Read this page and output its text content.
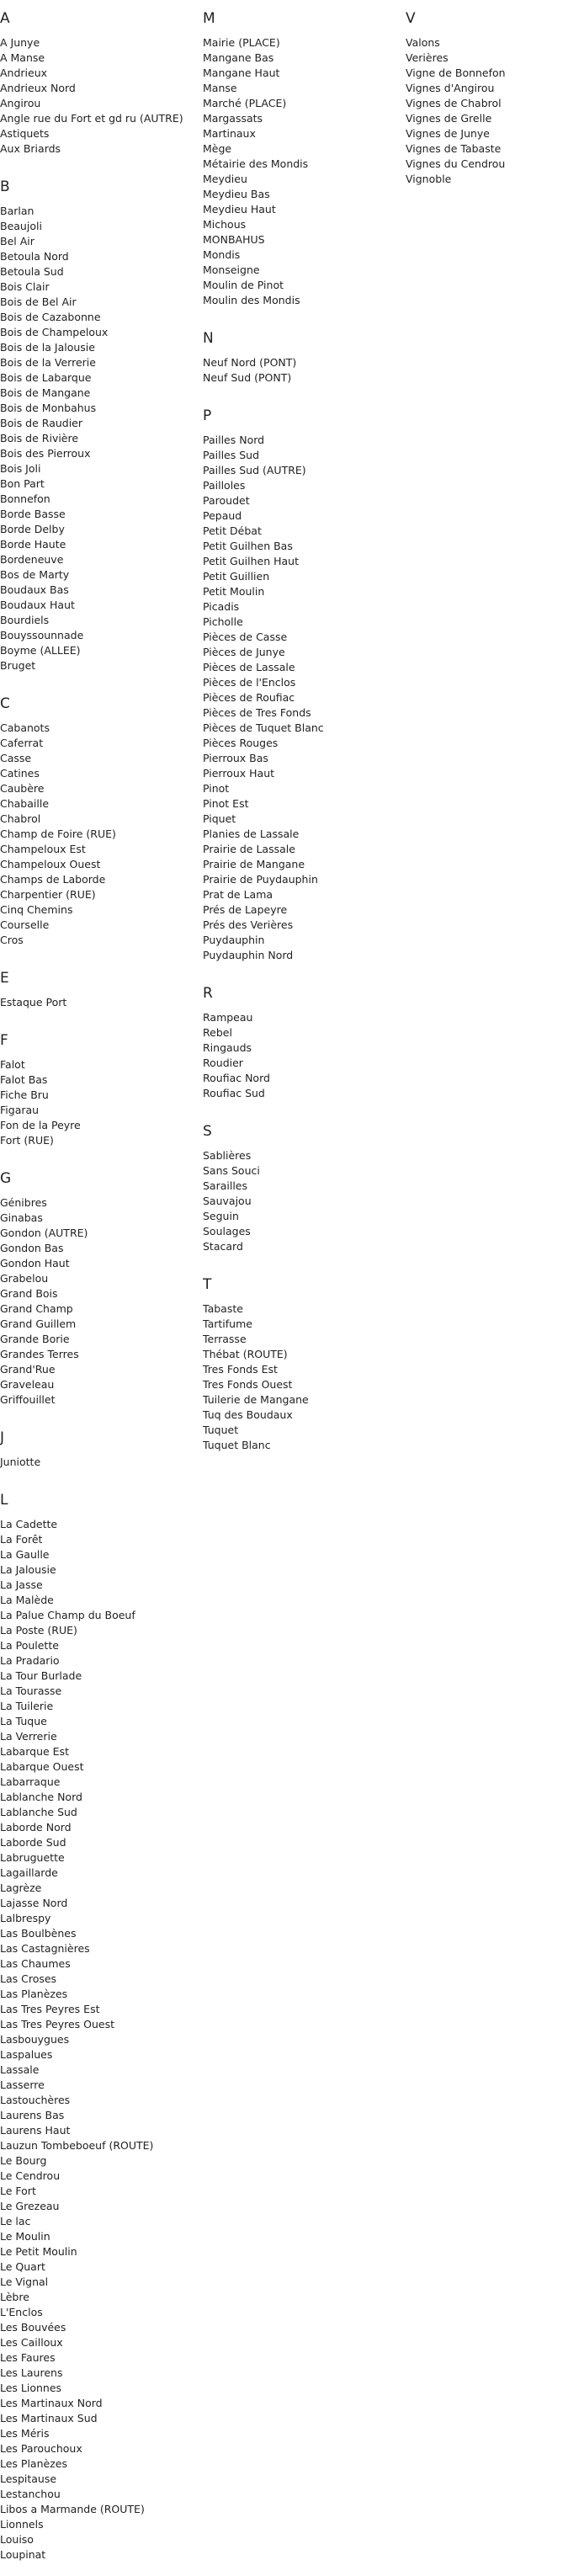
A
A Junye
A Manse
Andrieux
Andrieux Nord
Angirou
Angle rue du Fort et gd ru (AUTRE)
Astiquets
Aux Briards
B
Barlan
Beaujoli
Bel Air
Betoula Nord
Betoula Sud
Bois Clair
Bois de Bel Air
Bois de Cazabonne
Bois de Champeloux
Bois de la Jalousie
Bois de la Verrerie
Bois de Labarque
Bois de Mangane
Bois de Monbahus
Bois de Raudier
Bois de Rivière
Bois des Pierroux
Bois Joli
Bon Part
Bonnefon
Borde Basse
Borde Delby
Borde Haute
Bordeneuve
Bos de Marty
Boudaux Bas
Boudaux Haut
Bourdiels
Bouyssounnade
Boyme (ALLEE)
Bruget
C
Cabanots
Caferrat
Casse
Catines
Caubère
Chabaille
Chabrol
Champ de Foire (RUE)
Champeloux Est
Champeloux Ouest
Champs de Laborde
Charpentier (RUE)
Cinq Chemins
Courselle
Cros
E
Estaque Port
F
Falot
Falot Bas
Fiche Bru
Figarau
Fon de la Peyre
Fort (RUE)
G
Génibres
Ginabas
Gondon (AUTRE)
Gondon Bas
Gondon Haut
Grabelou
Grand Bois
Grand Champ
Grand Guillem
Grande Borie
Grandes Terres
Grand'Rue
Graveleau
Griffouillet
J
Juniotte
L
La Cadette
La Forêt
La Gaulle
La Jalousie
La Jasse
La Malède
La Palue Champ du Boeuf
La Poste (RUE)
La Poulette
La Pradario
La Tour Burlade
La Tourasse
La Tuilerie
La Tuque
La Verrerie
Labarque Est
Labarque Ouest
Labarraque
Lablanche Nord
Lablanche Sud
Laborde Nord
Laborde Sud
Labruguette
Lagaillarde
Lagrèze
Lajasse Nord
Lalbrespy
Las Boulbènes
Las Castagnières
Las Chaumes
Las Croses
Las Planèzes
Las Tres Peyres Est
Las Tres Peyres Ouest
Lasbouygues
Laspalues
Lassale
Lasserre
Lastouchères
Laurens Bas
Laurens Haut
Lauzun Tombeboeuf (ROUTE)
Le Bourg
Le Cendrou
Le Fort
Le Grezeau
Le lac
Le Moulin
Le Petit Moulin
Le Quart
Le Vignal
Lèbre
L'Enclos
Les Bouvées
Les Cailloux
Les Faures
Les Laurens
Les Lionnes
Les Martinaux Nord
Les Martinaux Sud
Les Méris
Les Parouchoux
Les Planèzes
Lespitause
Lestanchou
Libos a Marmande (ROUTE)
Lionnels
Louiso
Loupinat
M
Mairie (PLACE)
Mangane Bas
Mangane Haut
Manse
Marché (PLACE)
Margassats
Martinaux
Mège
Métairie des Mondis
Meydieu
Meydieu Bas
Meydieu Haut
Michous
MONBAHUS
Mondis
Monseigne
Moulin de Pinot
Moulin des Mondis
N
Neuf Nord (PONT)
Neuf Sud (PONT)
P
Pailles Nord
Pailles Sud
Pailles Sud (AUTRE)
Pailloles
Paroudet
Pepaud
Petit Débat
Petit Guilhen Bas
Petit Guilhen Haut
Petit Guillien
Petit Moulin
Picadis
Picholle
Pièces de Casse
Pièces de Junye
Pièces de Lassale
Pièces de l'Enclos
Pièces de Roufiac
Pièces de Tres Fonds
Pièces de Tuquet Blanc
Pièces Rouges
Pierroux Bas
Pierroux Haut
Pinot
Pinot Est
Piquet
Planies de Lassale
Prairie de Lassale
Prairie de Mangane
Prairie de Puydauphin
Prat de Lama
Prés de Lapeyre
Prés des Verières
Puydauphin
Puydauphin Nord
R
Rampeau
Rebel
Ringauds
Roudier
Roufiac Nord
Roufiac Sud
S
Sablières
Sans Souci
Sarailles
Sauvajou
Seguin
Soulages
Stacard
T
Tabaste
Tartifume
Terrasse
Thébat (ROUTE)
Tres Fonds Est
Tres Fonds Ouest
Tuilerie de Mangane
Tuq des Boudaux
Tuquet
Tuquet Blanc
V
Valons
Verières
Vigne de Bonnefon
Vignes d'Angirou
Vignes de Chabrol
Vignes de Grelle
Vignes de Junye
Vignes de Tabaste
Vignes du Cendrou
Vignoble
